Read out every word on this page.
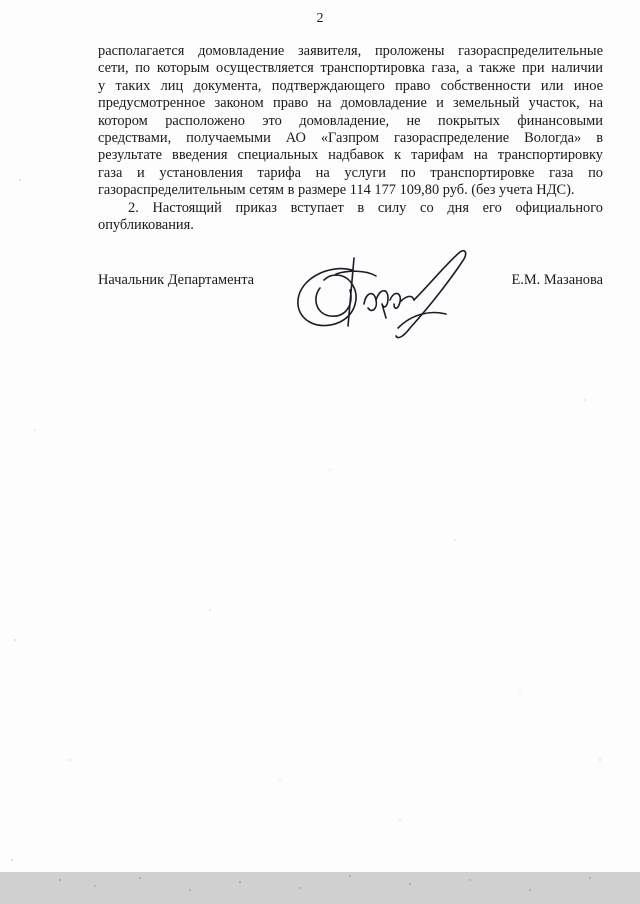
2
располагается домовладение заявителя, проложены газораспределительные
сети, по которым осуществляется транспортировка газа, а также при наличии
у таких лиц документа, подтверждающего право собственности или иное
предусмотренное законом право на домовладение и земельный участок, на
котором расположено это домовладение, не покрытых финансовыми
средствами, получаемыми АО «Газпром газораспределение Вологда» в
результате введения специальных надбавок к тарифам на транспортировку
газа и установления тарифа на услуги по транспортировке газа по
газораспределительным сетям в размере 114 177 109,80 руб. (без учета НДС).
2. Настоящий приказ вступает в силу со дня его официального
опубликования.
Начальник Департамента	Е.М. Мазанова
